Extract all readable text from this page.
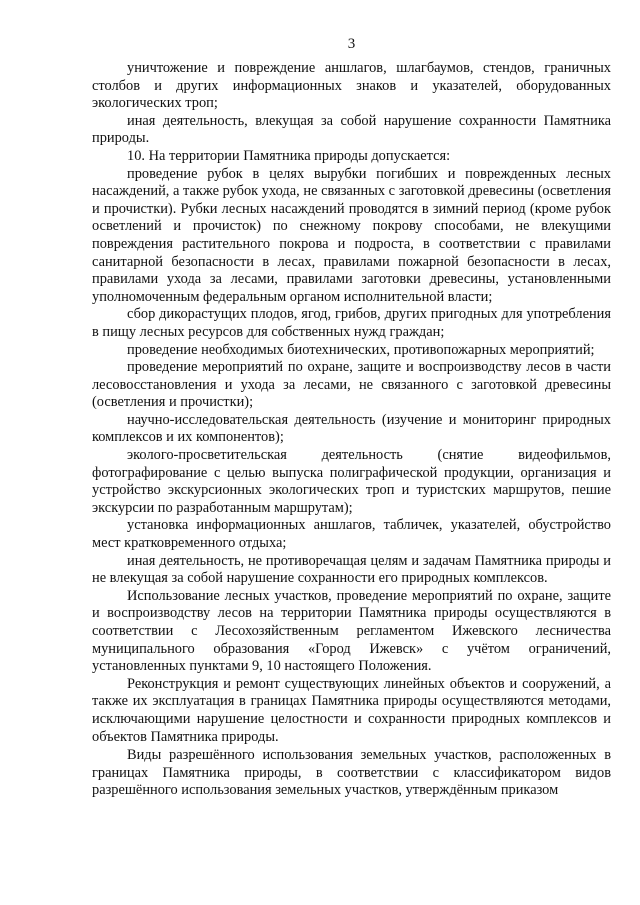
3

уничтожение и повреждение аншлагов, шлагбаумов, стендов, граничных столбов и других информационных знаков и указателей, оборудованных экологических троп;

иная деятельность, влекущая за собой нарушение сохранности Памятника природы.

10. На территории Памятника природы допускается:

проведение рубок в целях вырубки погибших и поврежденных лесных насаждений, а также рубок ухода, не связанных с заготовкой древесины (осветления и прочистки). Рубки лесных насаждений проводятся в зимний период (кроме рубок осветлений и прочисток) по снежному покрову способами, не влекущими повреждения растительного покрова и подроста, в соответствии с правилами санитарной безопасности в лесах, правилами пожарной безопасности в лесах, правилами ухода за лесами, правилами заготовки древесины, установленными уполномоченным федеральным органом исполнительной власти;

сбор дикорастущих плодов, ягод, грибов, других пригодных для употребления в пищу лесных ресурсов для собственных нужд граждан;

проведение необходимых биотехнических, противопожарных мероприятий;

проведение мероприятий по охране, защите и воспроизводству лесов в части лесовосстановления и ухода за лесами, не связанного с заготовкой древесины (осветления и прочистки);

научно-исследовательская деятельность (изучение и мониторинг природных комплексов и их компонентов);

эколого-просветительская деятельность (снятие видеофильмов, фотографирование с целью выпуска полиграфической продукции, организация и устройство экскурсионных экологических троп и туристских маршрутов, пешие экскурсии по разработанным маршрутам);

установка информационных аншлагов, табличек, указателей, обустройство мест кратковременного отдыха;

иная деятельность, не противоречащая целям и задачам Памятника природы и не влекущая за собой нарушение сохранности его природных комплексов.

Использование лесных участков, проведение мероприятий по охране, защите и воспроизводству лесов на территории Памятника природы осуществляются в соответствии с Лесохозяйственным регламентом Ижевского лесничества муниципального образования «Город Ижевск» с учётом ограничений, установленных пунктами 9, 10 настоящего Положения.

Реконструкция и ремонт существующих линейных объектов и сооружений, а также их эксплуатация в границах Памятника природы осуществляются методами, исключающими нарушение целостности и сохранности природных комплексов и объектов Памятника природы.

Виды разрешённого использования земельных участков, расположенных в границах Памятника природы, в соответствии с классификатором видов разрешённого использования земельных участков, утверждённым приказом
